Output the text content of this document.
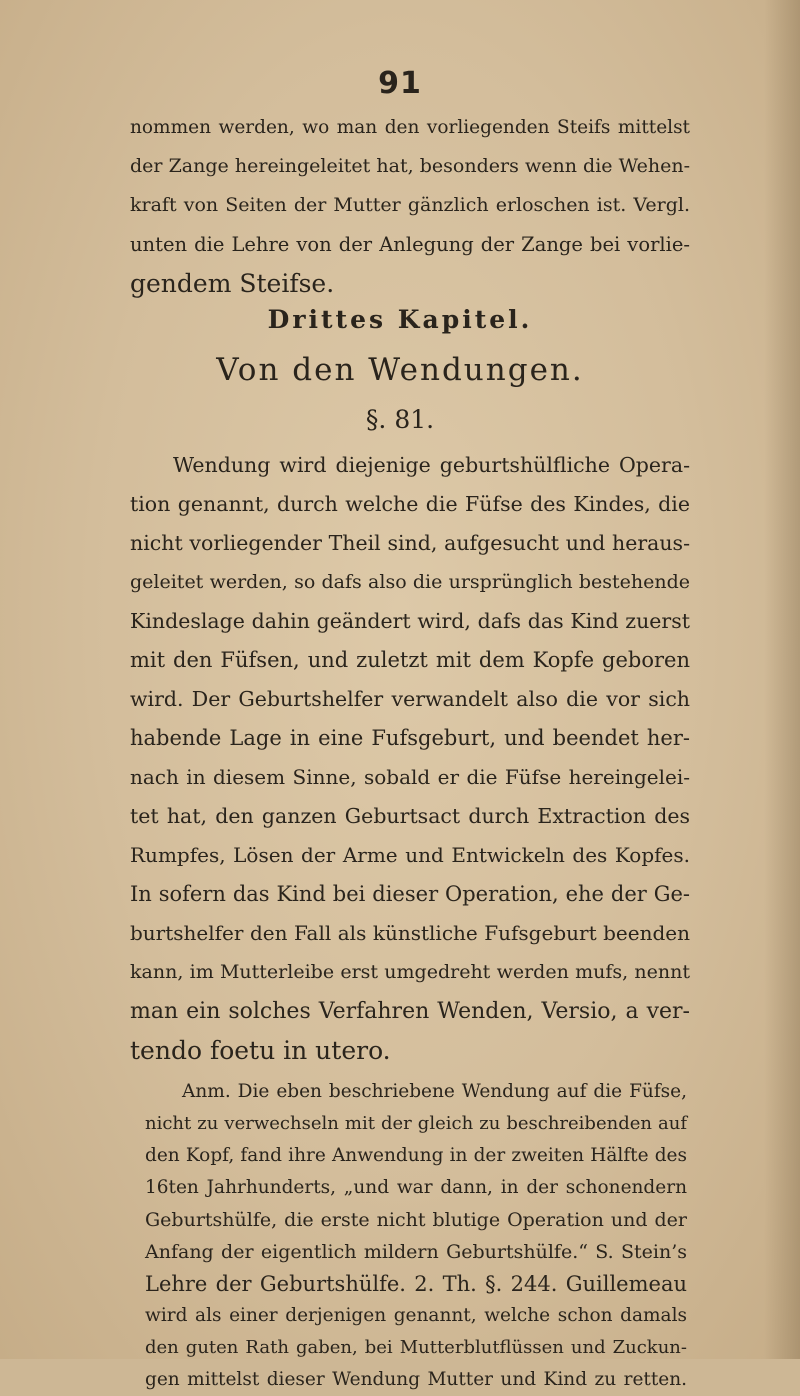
91
nommen werden, wo man den vorliegenden Steifs mittelst
der Zange hereingeleitet hat, besonders wenn die Wehen-
kraft von Seiten der Mutter gänzlich erloschen ist. Vergl.
unten die Lehre von der Anlegung der Zange bei vorlie-
gendem Steifse.
Drittes Kapitel.
Von den Wendungen.
§. 81.
Wendung wird diejenige geburtshülfliche Opera-
tion genannt, durch welche die Füfse des Kindes, die
nicht vorliegender Theil sind, aufgesucht und heraus-
geleitet werden, so dafs also die ursprünglich bestehende
Kindeslage dahin geändert wird, dafs das Kind zuerst
mit den Füfsen, und zuletzt mit dem Kopfe geboren
wird. Der Geburtshelfer verwandelt also die vor sich
habende Lage in eine Fufsgeburt, und beendet her-
nach in diesem Sinne, sobald er die Füfse hereingelei-
tet hat, den ganzen Geburtsact durch Extraction des
Rumpfes, Lösen der Arme und Entwickeln des Kopfes.
In sofern das Kind bei dieser Operation, ehe der Ge-
burtshelfer den Fall als künstliche Fufsgeburt beenden
kann, im Mutterleibe erst umgedreht werden mufs, nennt
man ein solches Verfahren Wenden, Versio, a ver-
tendo foetu in utero.
Anm. Die eben beschriebene Wendung auf die Füfse,
nicht zu verwechseln mit der gleich zu beschreibenden auf
den Kopf, fand ihre Anwendung in der zweiten Hälfte des
16ten Jahrhunderts, „und war dann, in der schonendern
Geburtshülfe, die erste nicht blutige Operation und der
Anfang der eigentlich mildern Geburtshülfe.“ S. Stein’s
Lehre der Geburtshülfe. 2. Th. §. 244. Guillemeau
wird als einer derjenigen genannt, welche schon damals
den guten Rath gaben, bei Mutterblutflüssen und Zuckun-
gen mittelst dieser Wendung Mutter und Kind zu retten.
